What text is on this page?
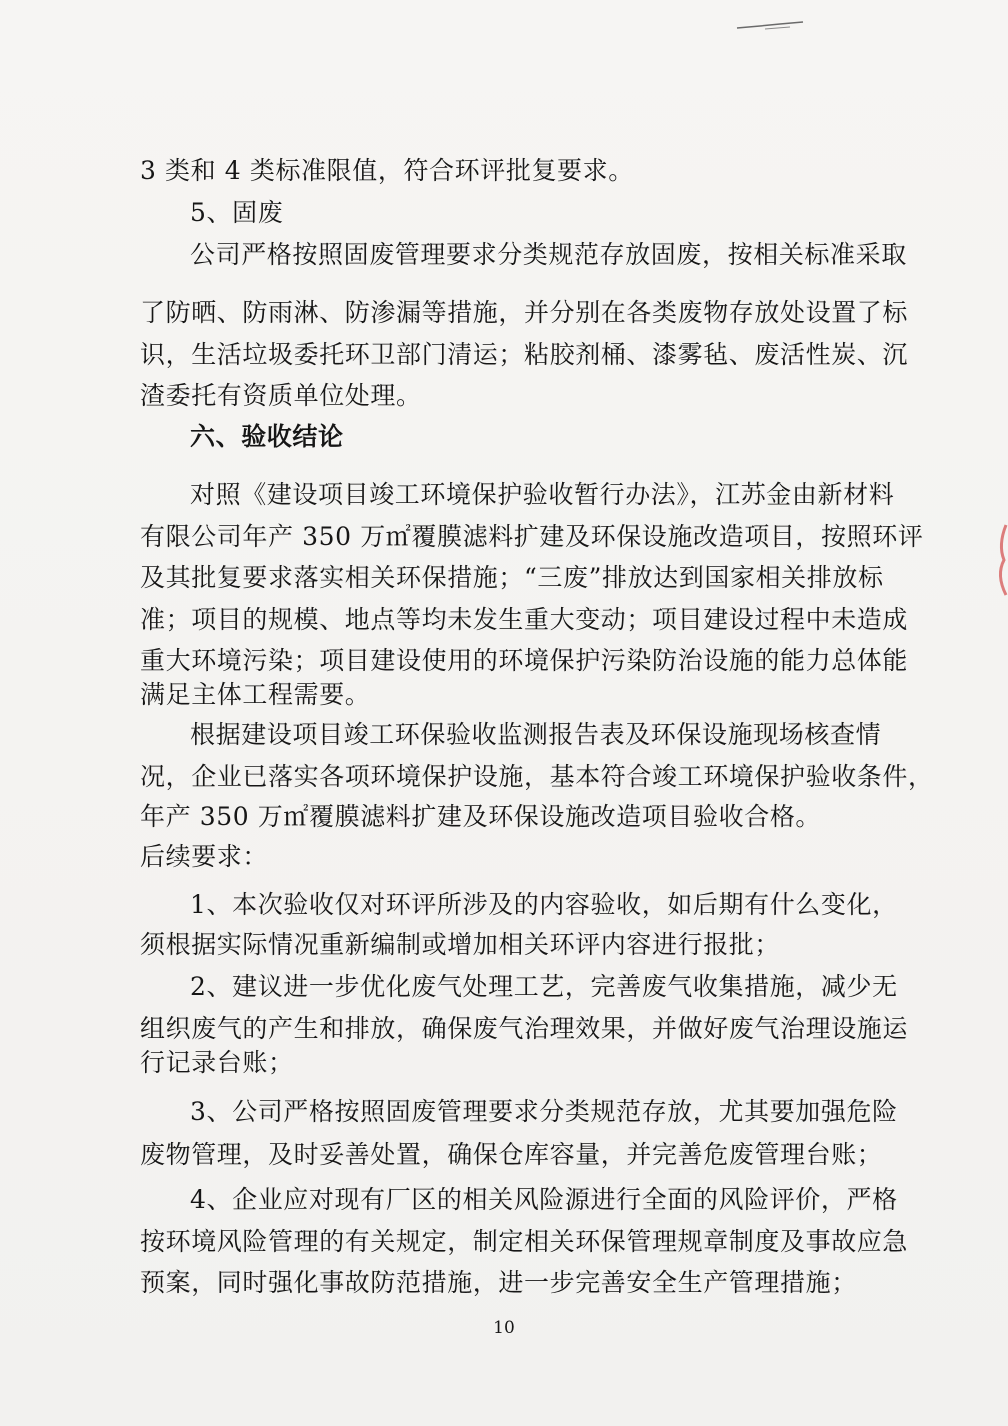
3 类和 4 类标准限值，符合环评批复要求。
5、固废
公司严格按照固废管理要求分类规范存放固废，按相关标准采取
了防晒、防雨淋、防渗漏等措施，并分别在各类废物存放处设置了标
识，生活垃圾委托环卫部门清运；粘胶剂桶、漆雾毡、废活性炭、沉
渣委托有资质单位处理。
六、验收结论
对照《建设项目竣工环境保护验收暂行办法》，江苏金由新材料
有限公司年产 350 万㎡覆膜滤料扩建及环保设施改造项目，按照环评
及其批复要求落实相关环保措施；“三废”排放达到国家相关排放标
准；项目的规模、地点等均未发生重大变动；项目建设过程中未造成
重大环境污染；项目建设使用的环境保护污染防治设施的能力总体能
满足主体工程需要。
根据建设项目竣工环保验收监测报告表及环保设施现场核查情
况，企业已落实各项环境保护设施，基本符合竣工环境保护验收条件，
年产 350 万㎡覆膜滤料扩建及环保设施改造项目验收合格。
后续要求：
1、本次验收仅对环评所涉及的内容验收，如后期有什么变化，
须根据实际情况重新编制或增加相关环评内容进行报批；
2、建议进一步优化废气处理工艺，完善废气收集措施，减少无
组织废气的产生和排放，确保废气治理效果，并做好废气治理设施运
行记录台账；
3、公司严格按照固废管理要求分类规范存放，尤其要加强危险
废物管理，及时妥善处置，确保仓库容量，并完善危废管理台账；
4、企业应对现有厂区的相关风险源进行全面的风险评价，严格
按环境风险管理的有关规定，制定相关环保管理规章制度及事故应急
预案，同时强化事故防范措施，进一步完善安全生产管理措施；
10
